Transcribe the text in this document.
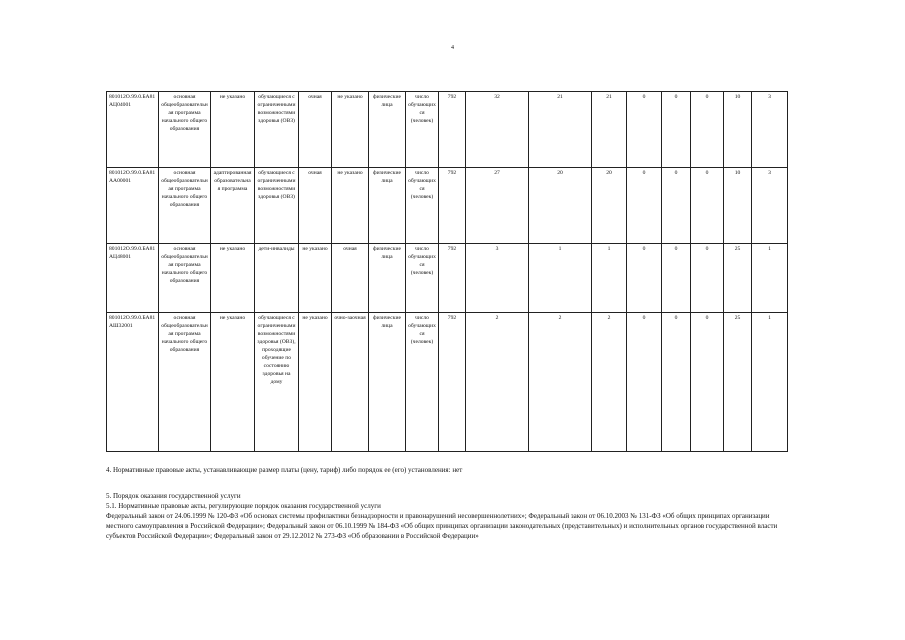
4
801012О.99.0.БА81АЦ04001	основная общеобразовательная программа начального общего образования	не указано	обучающиеся с ограниченными возможностями здоровья (ОВЗ)	очная	не указано	физические лица	число обучающихся (человек)	792	32	21	21	0	0	0	10	3
801012О.99.0.БА81АА00001	основная общеобразовательная программа начального общего образования	адаптированная образовательная программа	обучающиеся с ограниченными возможностями здоровья (ОВЗ)	очная	не указано	физические лица	число обучающихся (человек)	792	27	20	20	0	0	0	10	3
801012О.99.0.БА81АЦ48001	основная общеобразовательная программа начального общего образования	не указано	дети-инвалиды	не указано	очная	физические лица	число обучающихся (человек)	792	3	1	1	0	0	0	25	1
801012О.99.0.БА81АШ32001	основная общеобразовательная программа начального общего образования	не указано	обучающиеся с ограниченными возможностями здоровья (ОВЗ), проходящие обучение по состоянию здоровья на дому	не указано	очно-заочная	физические лица	число обучающихся (человек)	792	2	2	2	0	0	0	25	1

4. Нормативные правовые акты, устанавливающие размер платы (цену, тариф) либо порядок ее (его) установления: нет

5. Порядок оказания государственной услуги

5.1. Нормативные правовые акты, регулирующие порядок оказания государственной услуги

Федеральный закон от 24.06.1999 № 120-ФЗ «Об основах системы профилактики безнадзорности и правонарушений несовершеннолетних»; Федеральный закон от 06.10.2003 № 131-ФЗ «Об общих принципах организации местного самоуправления в Российской Федерации»; Федеральный закон от 06.10.1999 № 184-ФЗ «Об общих принципах организации законодательных (представительных) и исполнительных органов государственной власти субъектов Российской Федерации»; Федеральный закон от 29.12.2012 № 273-ФЗ «Об образовании в Российской Федерации»
